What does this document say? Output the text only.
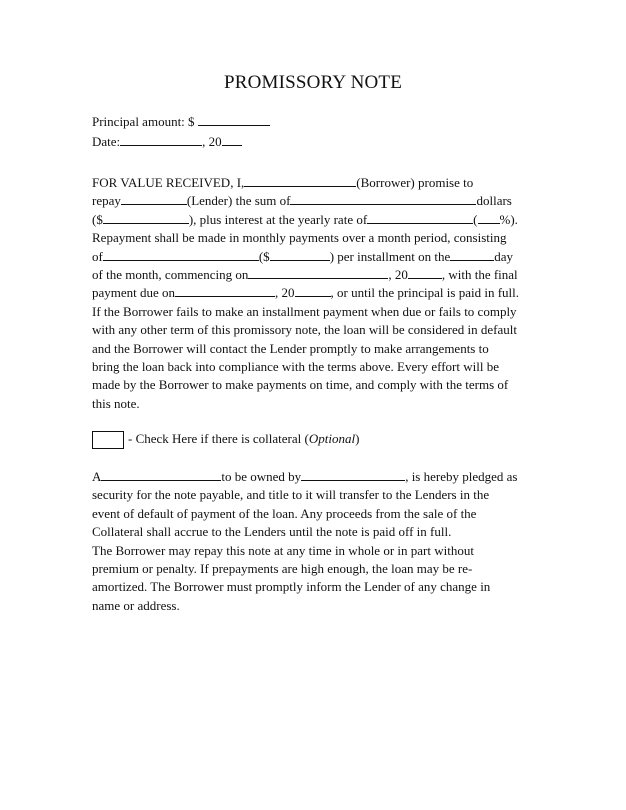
PROMISSORY NOTE
Principal amount: $
Date:	, 20
FOR VALUE RECEIVED, I,	(Borrower) promise to
repay	(Lender) the sum of	dollars
($	), plus interest at the yearly rate of	( %).
Repayment shall be made in monthly payments over a month period, consisting
of	($	) per installment on the	day
of the month, commencing on	, 20	, with the final
payment due on	, 20	, or until the principal is paid in full.
If the Borrower fails to make an installment payment when due or fails to comply
with any other term of this promissory note, the loan will be considered in default
and the Borrower will contact the Lender promptly to make arrangements to
bring the loan back into compliance with the terms above. Every effort will be
made by the Borrower to make payments on time, and comply with the terms of
this note.
- Check Here if there is collateral (Optional)
A	to be owned by	, is hereby pledged as
security for the note payable, and title to it will transfer to the Lenders in the
event of default of payment of the loan. Any proceeds from the sale of the
Collateral shall accrue to the Lenders until the note is paid off in full.
The Borrower may repay this note at any time in whole or in part without
premium or penalty. If prepayments are high enough, the loan may be re-
amortized. The Borrower must promptly inform the Lender of any change in
name or address.
